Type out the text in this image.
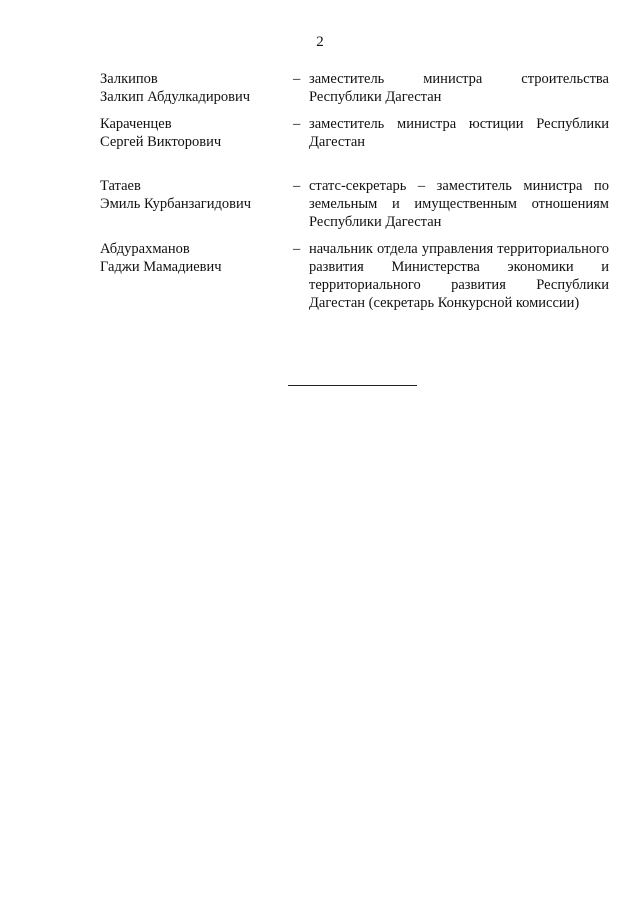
2
Залкипов
Залкип Абдулкадирович
– заместитель министра строительства Республики Дагестан
Караченцев
Сергей Викторович
– заместитель министра юстиции Республики Дагестан
Татаев
Эмиль Курбанзагидович
– статс-секретарь – заместитель министра по земельным и имущественным отношениям Республики Дагестан
Абдурахманов
Гаджи Мамадиевич
– начальник отдела управления территориального развития Министерства экономики и территориального развития Республики Дагестан (секретарь Конкурсной комиссии)
